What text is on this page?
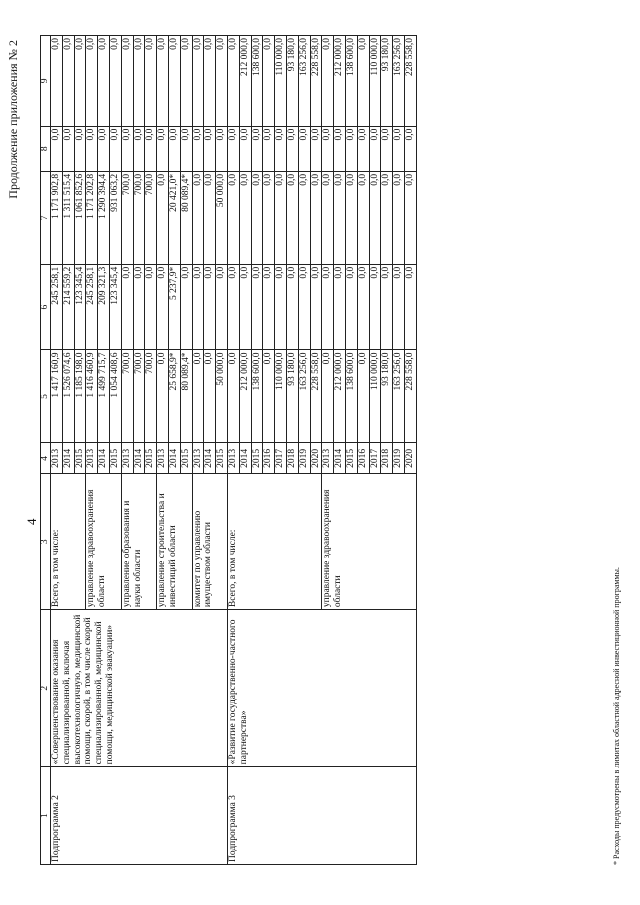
4
Продолжение приложения № 2
1	2	3	4	5	6	7	8	9
Подпрограмма 2	«Совершенствование оказания специализированной, включая высокотехнологичную, медицинской помощи, скорой, в том числе скорой специализированной, медицинской помощи, медицинской эвакуации»	Всего, в том числе:	2013	1 417 160,9	245 258,1	1 171 902,8	0,0	0,0
			2014	1 526 074,6	214 559,2	1 311 515,4	0,0	0,0
			2015	1 185 198,0	123 345,4	1 061 852,6	0,0	0,0
		управление здравоохранения области	2013	1 416 460,9	245 258,1	1 171 202,8	0,0	0,0
			2014	1 499 715,7	209 321,3	1 290 394,4	0,0	0,0
			2015	1 054 408,6	123 345,4	931 063,2	0,0	0,0
		управление образования и науки области	2013	700,0	0,0	700,0	0,0	0,0
			2014	700,0	0,0	700,0	0,0	0,0
			2015	700,0	0,0	700,0	0,0	0,0
		управление строительства и инвестиций области	2013	0,0	0,0	0,0	0,0	0,0
			2014	25 658,9*	5 237,9*	20 421,0*	0,0	0,0
			2015	80 089,4*	0,0	80 089,4*	0,0	0,0
		комитет по управлению имуществом области	2013	0,0	0,0	0,0	0,0	0,0
			2014	0,0	0,0	0,0	0,0	0,0
			2015	50 000,0	0,0	50 000,0	0,0	0,0
Подпрограмма 3	«Развитие государственно-частного партнерства»	Всего, в том числе:	2013	0,0	0,0	0,0	0,0	0,0
			2014	212 000,0	0,0	0,0	0,0	212 000,0
			2015	138 600,0	0,0	0,0	0,0	138 600,0
			2016	0,0	0,0	0,0	0,0	0,0
			2017	110 000,0	0,0	0,0	0,0	110 000,0
			2018	93 180,0	0,0	0,0	0,0	93 180,0
			2019	163 256,0	0,0	0,0	0,0	163 256,0
			2020	228 558,0	0,0	0,0	0,0	228 558,0
		управление здравоохранения области	2013	0,0	0,0	0,0	0,0	0,0
			2014	212 000,0	0,0	0,0	0,0	212 000,0
			2015	138 600,0	0,0	0,0	0,0	138 600,0
			2016	0,0	0,0	0,0	0,0	0,0
			2017	110 000,0	0,0	0,0	0,0	110 000,0
			2018	93 180,0	0,0	0,0	0,0	93 180,0
			2019	163 256,0	0,0	0,0	0,0	163 256,0
			2020	228 558,0	0,0	0,0	0,0	228 558,0
* Расходы предусмотрены в лимитах областной адресной инвестиционной программы.
